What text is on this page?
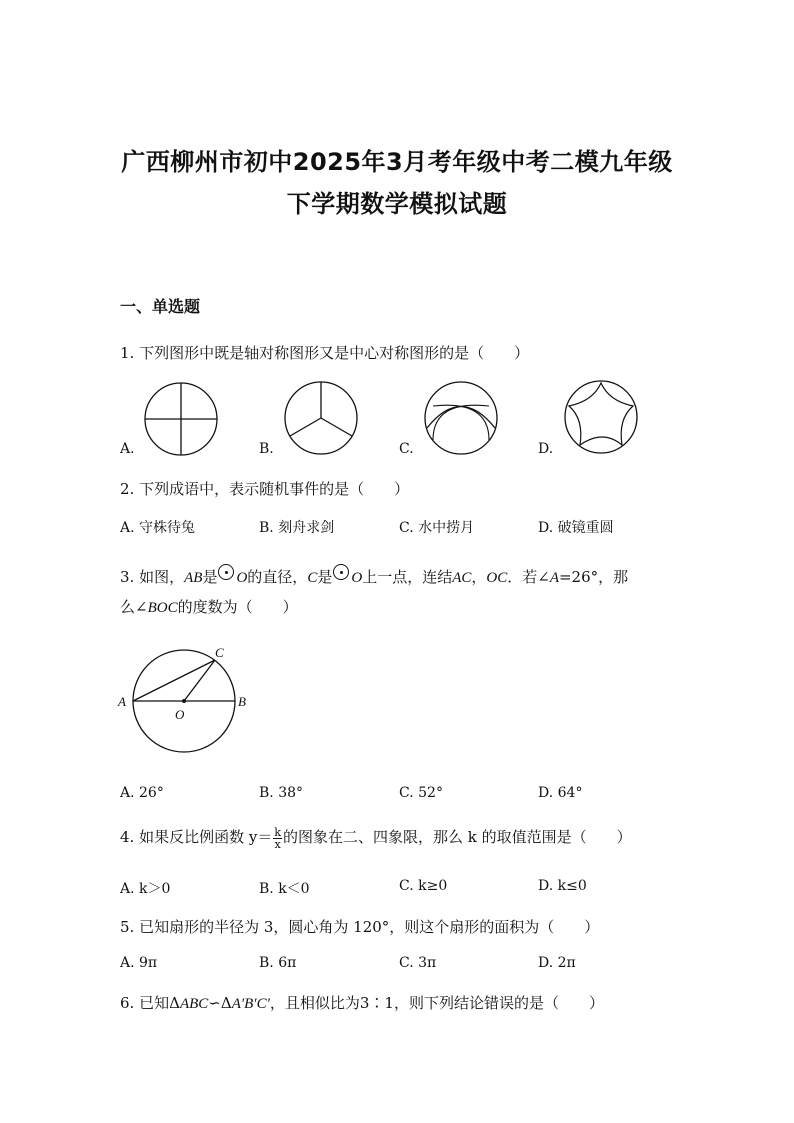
广西柳州市初中2025年3月考年级中考二模九年级
下学期数学模拟试题
一、单选题
1. 下列图形中既是轴对称图形又是中心对称图形的是（　　）
A.	B.	C.	D.
2. 下列成语中，表示随机事件的是（　　）
A. 守株待兔	B. 刻舟求剑	C. 水中捞月	D. 破镜重圆
3. 如图，AB是 O的直径，C是 O上一点，连结AC，OC．若∠A=26°，那
么∠BOC的度数为（　　）
A	B
C
O
A. 26°	B. 38°	C. 52°	D. 64°
4. 如果反比例函数 $y= \frac{k}{x}$ 的图象在二、四象限，那么 k 的取值范围是（　　）
A. k＞0	B. k＜0	C. k≥0	D. k≤0
5. 已知扇形的半径为 3，圆心角为 120°，则这个扇形的面积为（　　）
A. 9π	B. 6π	C. 3π	D. 2π
6. 已知ΔABC∽ΔA′B′C′，且相似比为3∶1，则下列结论错误的是（　　）
